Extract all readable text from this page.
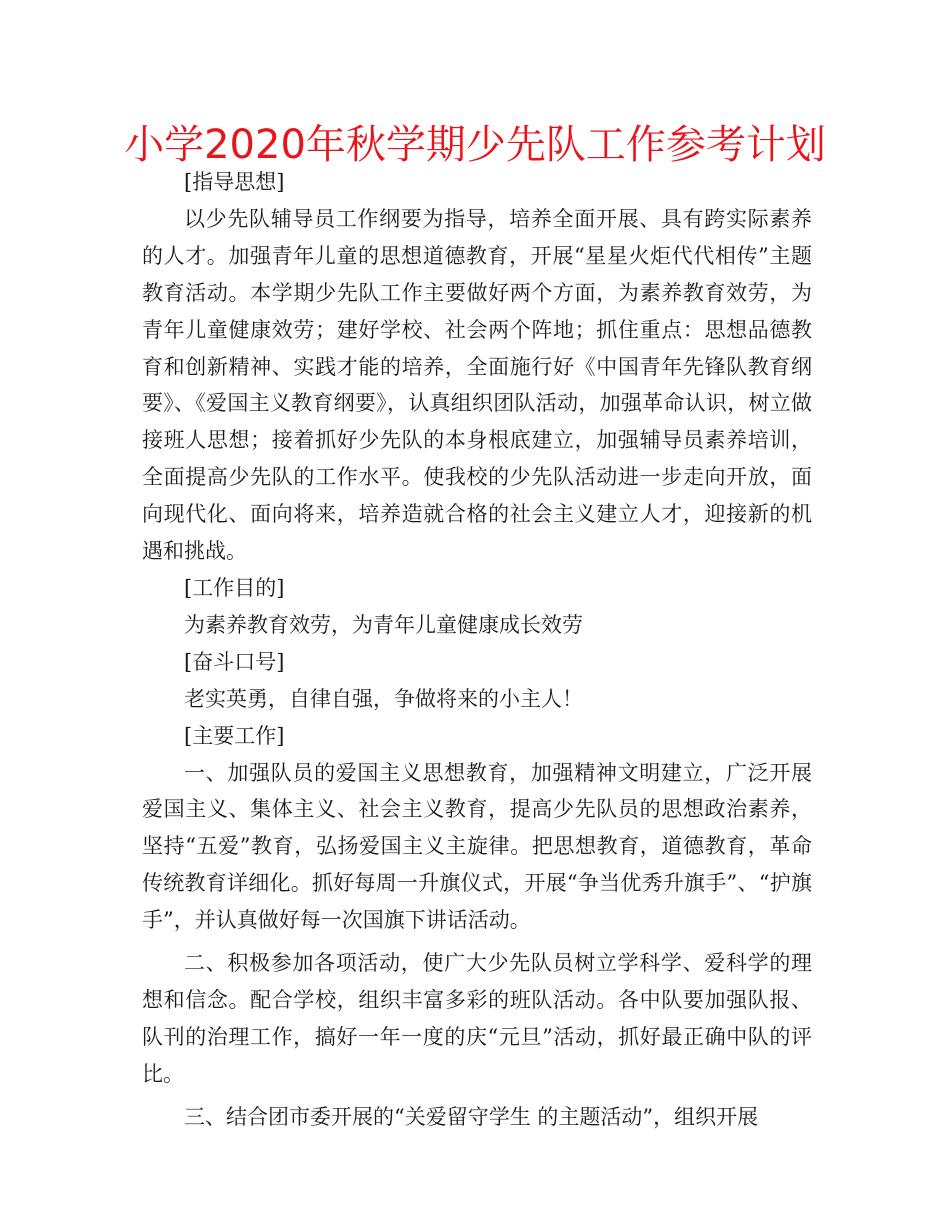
小学2020年秋学期少先队工作参考计划

[指导思想]

以少先队辅导员工作纲要为指导，培养全面开展、具有跨实际素养的人才。加强青年儿童的思想道德教育，开展“星星火炬代代相传”主题教育活动。本学期少先队工作主要做好两个方面，为素养教育效劳，为青年儿童健康效劳；建好学校、社会两个阵地；抓住重点：思想品德教育和创新精神、实践才能的培养，全面施行好《中国青年先锋队教育纲要》、《爱国主义教育纲要》，认真组织团队活动，加强革命认识，树立做接班人思想；接着抓好少先队的本身根底建立，加强辅导员素养培训，全面提高少先队的工作水平。使我校的少先队活动进一步走向开放，面向现代化、面向将来，培养造就合格的社会主义建立人才，迎接新的机遇和挑战。

[工作目的]

为素养教育效劳，为青年儿童健康成长效劳

[奋斗口号]

老实英勇，自律自强，争做将来的小主人！

[主要工作]

一、加强队员的爱国主义思想教育，加强精神文明建立，广泛开展爱国主义、集体主义、社会主义教育，提高少先队员的思想政治素养，坚持“五爱”教育，弘扬爱国主义主旋律。把思想教育，道德教育，革命传统教育详细化。抓好每周一升旗仪式，开展“争当优秀升旗手”、“护旗手”，并认真做好每一次国旗下讲话活动。

二、积极参加各项活动，使广大少先队员树立学科学、爱科学的理想和信念。配合学校，组织丰富多彩的班队活动。各中队要加强队报、队刊的治理工作，搞好一年一度的庆“元旦”活动，抓好最正确中队的评比。

三、结合团市委开展的“关爱留守学生 的主题活动”，组织开展
